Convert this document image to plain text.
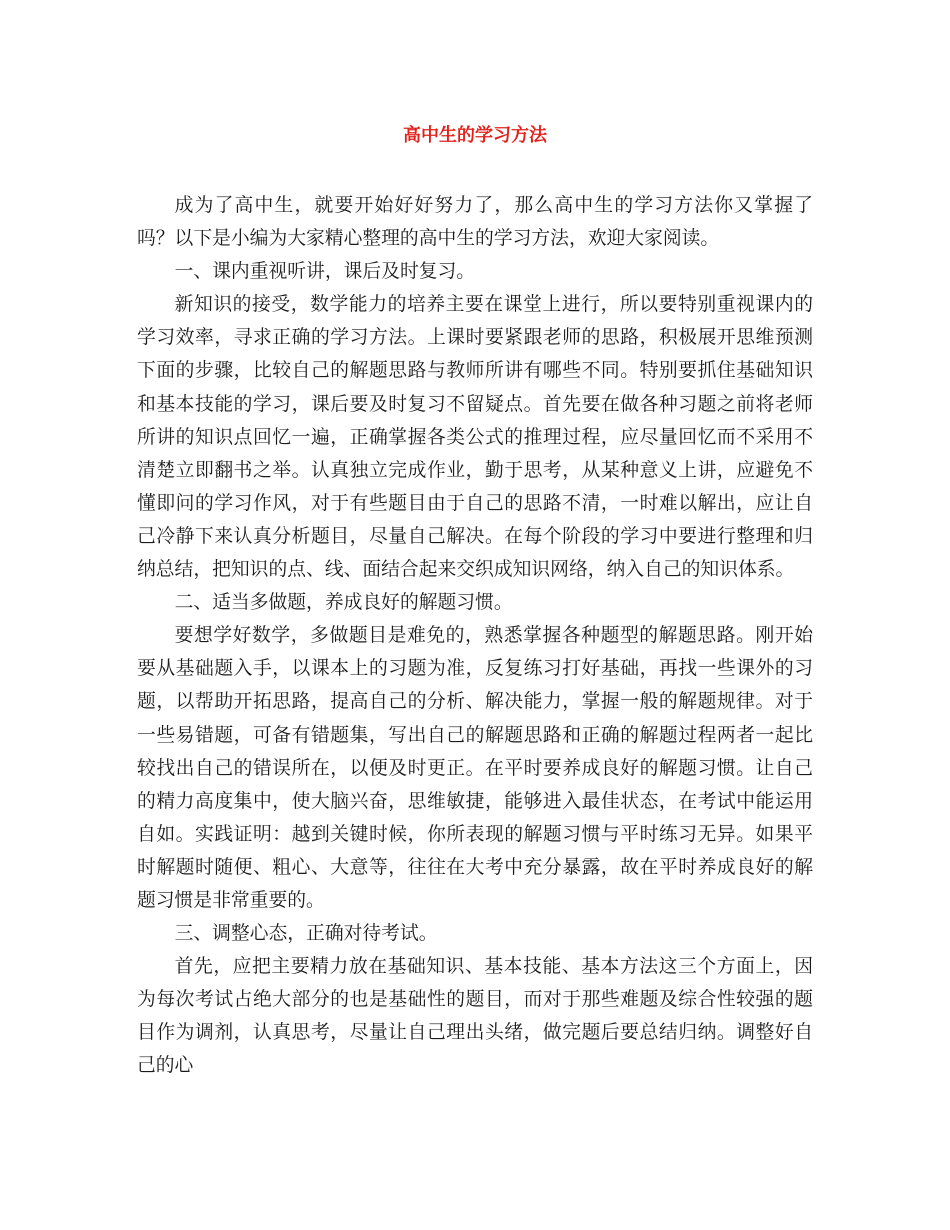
高中生的学习方法

成为了高中生，就要开始好好努力了，那么高中生的学习方法你又掌握了吗？以下是小编为大家精心整理的高中生的学习方法，欢迎大家阅读。

一、课内重视听讲，课后及时复习。

新知识的接受，数学能力的培养主要在课堂上进行，所以要特别重视课内的学习效率，寻求正确的学习方法。上课时要紧跟老师的思路，积极展开思维预测下面的步骤，比较自己的解题思路与教师所讲有哪些不同。特别要抓住基础知识和基本技能的学习，课后要及时复习不留疑点。首先要在做各种习题之前将老师所讲的知识点回忆一遍，正确掌握各类公式的推理过程，应尽量回忆而不采用不清楚立即翻书之举。认真独立完成作业，勤于思考，从某种意义上讲，应避免不懂即问的学习作风，对于有些题目由于自己的思路不清，一时难以解出，应让自己冷静下来认真分析题目，尽量自己解决。在每个阶段的学习中要进行整理和归纳总结，把知识的点、线、面结合起来交织成知识网络，纳入自己的知识体系。

二、适当多做题，养成良好的解题习惯。

要想学好数学，多做题目是难免的，熟悉掌握各种题型的解题思路。刚开始要从基础题入手，以课本上的习题为准，反复练习打好基础，再找一些课外的习题，以帮助开拓思路，提高自己的分析、解决能力，掌握一般的解题规律。对于一些易错题，可备有错题集，写出自己的解题思路和正确的解题过程两者一起比较找出自己的错误所在，以便及时更正。在平时要养成良好的解题习惯。让自己的精力高度集中，使大脑兴奋，思维敏捷，能够进入最佳状态，在考试中能运用自如。实践证明：越到关键时候，你所表现的解题习惯与平时练习无异。如果平时解题时随便、粗心、大意等，往往在大考中充分暴露，故在平时养成良好的解题习惯是非常重要的。

三、调整心态，正确对待考试。

首先，应把主要精力放在基础知识、基本技能、基本方法这三个方面上，因为每次考试占绝大部分的也是基础性的题目，而对于那些难题及综合性较强的题目作为调剂，认真思考，尽量让自己理出头绪，做完题后要总结归纳。调整好自己的心
